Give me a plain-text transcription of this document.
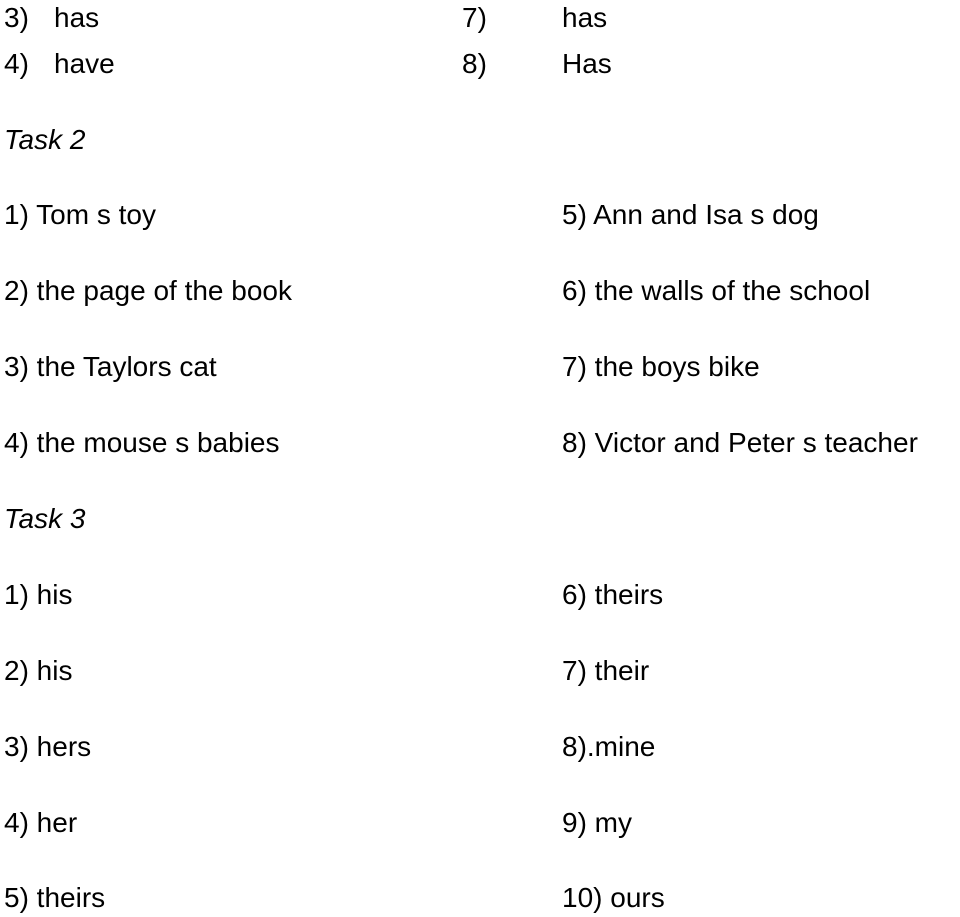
3) has
4) have
7)	has
8)	Has
Task 2
1) Tom s toy
2) the page of the book
3) the Taylors cat
4) the mouse s babies
5) Ann and Isa s dog
6) the walls of the school
7) the boys bike
8) Victor and Peter s teacher
Task 3
1) his
2) his
3) hers
4) her
5) theirs
6) theirs
7) their
8).mine
9) my
10) ours
